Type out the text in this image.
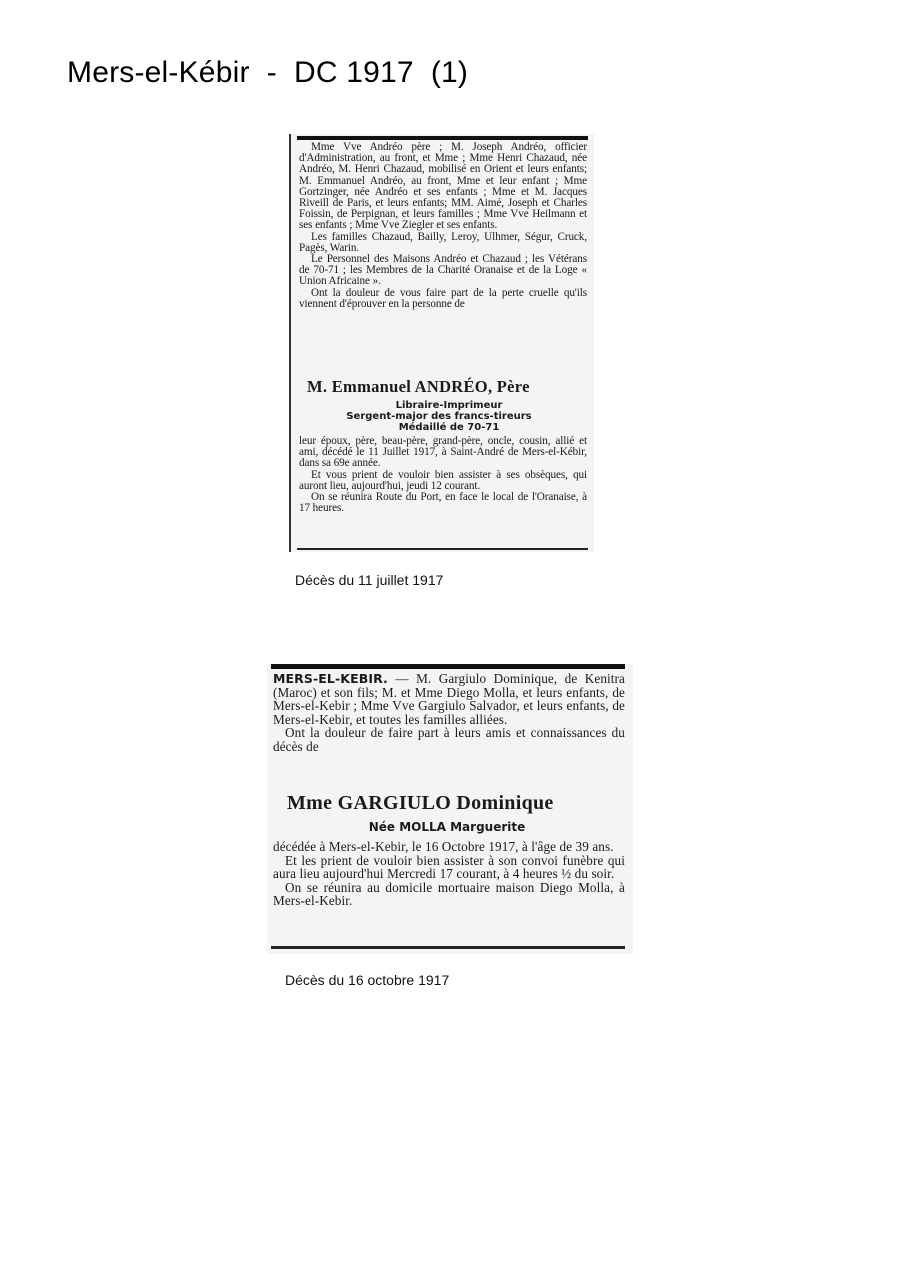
Mers-el-Kébir  -  DC 1917  (1)

Mme Vve Andréo père ; M. Joseph Andréo, officier d'Administration, au front, et Mme ; Mme Henri Chazaud, née Andréo, M. Henri Chazaud, mobilisé en Orient et leurs enfants; M. Emmanuel Andréo, au front, Mme et leur enfant ; Mme Gortzinger, née Andréo et ses enfants ; Mme et M. Jacques Riveill de Paris, et leurs enfants; MM. Aimé, Joseph et Charles Foissin, de Perpignan, et leurs familles ; Mme Vve Heilmann et ses enfants ; Mme Vve Ziegler et ses enfants.

Les familles Chazaud, Bailly, Leroy, Ulhmer, Ségur, Cruck, Pagès, Warin.

Le Personnel des Maisons Andréo et Chazaud ; les Vétérans de 70-71 ; les Membres de la Charité Oranaise et de la Loge « Union Africaine ».

Ont la douleur de vous faire part de la perte cruelle qu'ils viennent d'éprouver en la personne de

M. Emmanuel ANDRÉO, Père
Libraire-Imprimeur
Sergent-major des francs-tireurs
Médaillé de 70-71

leur époux, père, beau-père, grand-père, oncle, cousin, allié et ami, décédé le 11 Juillet 1917, à Saint-André de Mers-el-Kébir, dans sa 69e année.

Et vous prient de vouloir bien assister à ses obsèques, qui auront lieu, aujourd'hui, jeudi 12 courant.

On se réunira Route du Port, en face le local de l'Oranaise, à 17 heures.

Décès du 11 juillet 1917

MERS-EL-KEBIR. — M. Gargiulo Dominique, de Kenitra (Maroc) et son fils; M. et Mme Diego Molla, et leurs enfants, de Mers-el-Kebir ; Mme Vve Gargiulo Salvador, et leurs enfants, de Mers-el-Kebir, et toutes les familles alliées.

Ont la douleur de faire part à leurs amis et connaissances du décès de

Mme GARGIULO Dominique
Née MOLLA Marguerite

décédée à Mers-el-Kebir, le 16 Octobre 1917, à l'âge de 39 ans.

Et les prient de vouloir bien assister à son convoi funèbre qui aura lieu aujourd'hui Mercredi 17 courant, à 4 heures ½ du soir.

On se réunira au domicile mortuaire maison Diego Molla, à Mers-el-Kebir.

Décès du 16 octobre 1917
